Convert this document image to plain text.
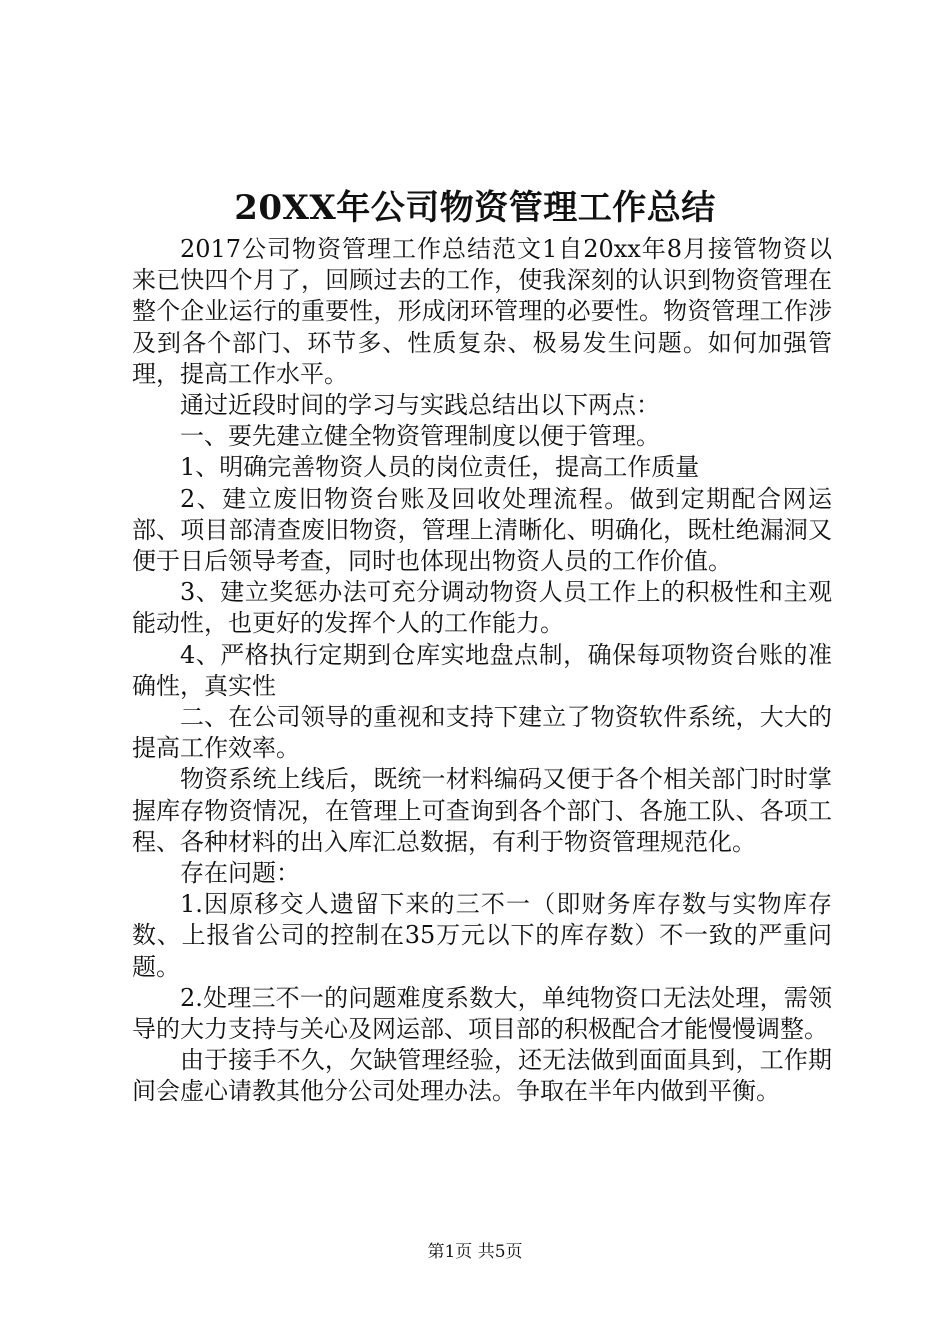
20XX年公司物资管理工作总结

2017公司物资管理工作总结范文1自20xx年8月接管物资以来已快四个月了，回顾过去的工作，使我深刻的认识到物资管理在整个企业运行的重要性，形成闭环管理的必要性。物资管理工作涉及到各个部门、环节多、性质复杂、极易发生问题。如何加强管理，提高工作水平。

通过近段时间的学习与实践总结出以下两点：

一、要先建立健全物资管理制度以便于管理。

1、明确完善物资人员的岗位责任，提高工作质量

2、建立废旧物资台账及回收处理流程。做到定期配合网运部、项目部清查废旧物资，管理上清晰化、明确化，既杜绝漏洞又便于日后领导考查，同时也体现出物资人员的工作价值。

3、建立奖惩办法可充分调动物资人员工作上的积极性和主观能动性，也更好的发挥个人的工作能力。

4、严格执行定期到仓库实地盘点制，确保每项物资台账的准确性，真实性

二、在公司领导的重视和支持下建立了物资软件系统，大大的提高工作效率。

物资系统上线后，既统一材料编码又便于各个相关部门时时掌握库存物资情况，在管理上可查询到各个部门、各施工队、各项工程、各种材料的出入库汇总数据，有利于物资管理规范化。

存在问题：

1.因原移交人遗留下来的三不一（即财务库存数与实物库存数、上报省公司的控制在35万元以下的库存数）不一致的严重问题。

2.处理三不一的问题难度系数大，单纯物资口无法处理，需领导的大力支持与关心及网运部、项目部的积极配合才能慢慢调整。

由于接手不久，欠缺管理经验，还无法做到面面具到，工作期间会虚心请教其他分公司处理办法。争取在半年内做到平衡。

第1页 共5页
